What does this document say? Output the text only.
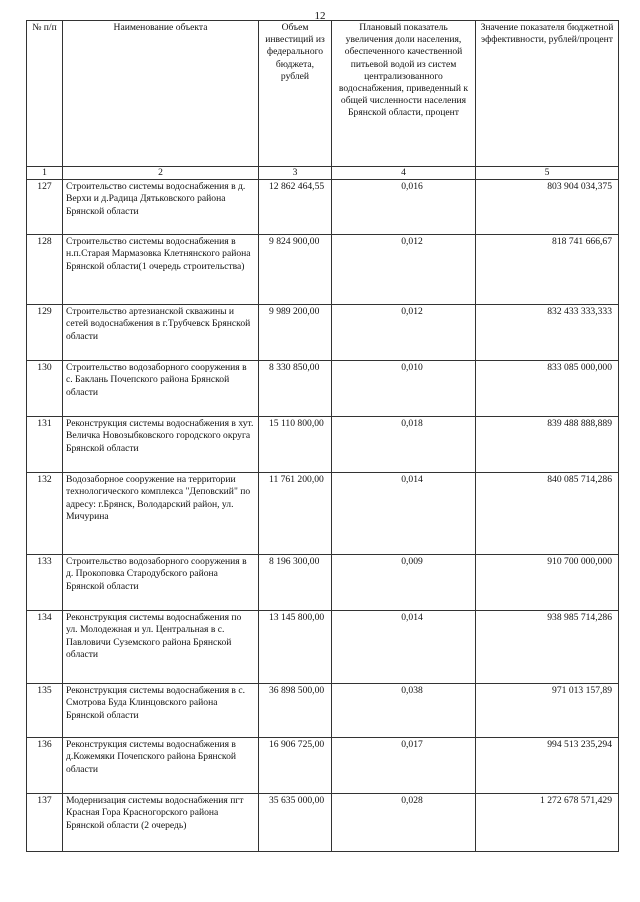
12
№ п/п	Наименование объекта	Объем инвестиций из федерального бюджета, рублей	Плановый показатель увеличения доли населения, обеспеченного качественной питьевой водой из систем централизованного водоснабжения, приведенный к общей численности населения Брянской области, процент	Значение показателя бюджетной эффективности, рублей/процент
1	2	3	4	5
127	Строительство системы водоснабжения в д. Верхи и д.Радица Дятьковского района Брянской области	12 862 464,55	0,016	803 904 034,375
128	Строительство системы водоснабжения в н.п.Старая Мармазовка Клетнянского района Брянской области(1 очередь строительства)	9 824 900,00	0,012	818 741 666,67
129	Строительство артезианской скважины и сетей водоснабжения в г.Трубчевск Брянской области	9 989 200,00	0,012	832 433 333,333
130	Строительство водозаборного сооружения в с. Баклань Почепского района Брянской области	8 330 850,00	0,010	833 085 000,000
131	Реконструкция системы водоснабжения в хут. Величка Новозыбковского городского округа Брянской области	15 110 800,00	0,018	839 488 888,889
132	Водозаборное сооружение на территории технологического комплекса "Деповский" по адресу: г.Брянск, Володарский район, ул. Мичурина	11 761 200,00	0,014	840 085 714,286
133	Строительство водозаборного сооружения в д. Прокоповка Стародубского района Брянской области	8 196 300,00	0,009	910 700 000,000
134	Реконструкция системы водоснабжения по ул. Молодежная и ул. Центральная в с. Павловичи Суземского района Брянской области	13 145 800,00	0,014	938 985 714,286
135	Реконструкция системы водоснабжения в с. Смотрова Буда Клинцовского района Брянской области	36 898 500,00	0,038	971 013 157,89
136	Реконструкция системы водоснабжения в д.Кожемяки Почепского района Брянской области	16 906 725,00	0,017	994 513 235,294
137	Модернизация системы водоснабжения пгт Красная Гора Красногорского района Брянской области (2 очередь)	35 635 000,00	0,028	1 272 678 571,429
